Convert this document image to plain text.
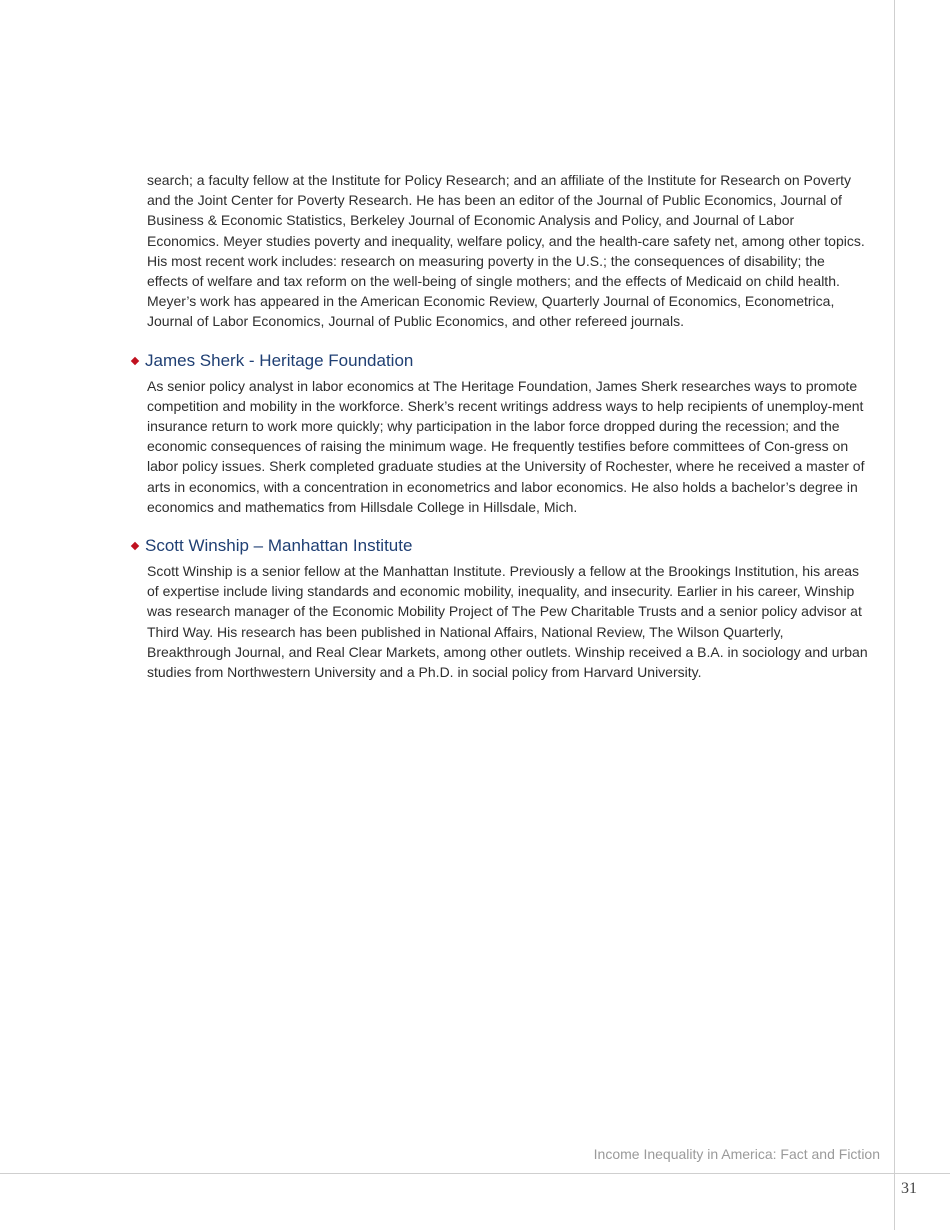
search; a faculty fellow at the Institute for Policy Research; and an affiliate of the Institute for Research on Poverty and the Joint Center for Poverty Research. He has been an editor of the Journal of Public Economics, Journal of Business & Economic Statistics, Berkeley Journal of Economic Analysis and Policy, and Journal of Labor Economics. Meyer studies poverty and inequality, welfare policy, and the health-care safety net, among other topics. His most recent work includes: research on measuring poverty in the U.S.; the consequences of disability; the effects of welfare and tax reform on the well-being of single mothers; and the effects of Medicaid on child health. Meyer’s work has appeared in the American Economic Review, Quarterly Journal of Economics, Econometrica, Journal of Labor Economics, Journal of Public Economics, and other refereed journals.

James Sherk - Heritage Foundation

As senior policy analyst in labor economics at The Heritage Foundation, James Sherk researches ways to promote competition and mobility in the workforce. Sherk’s recent writings address ways to help recipients of unemploy-ment insurance return to work more quickly; why participation in the labor force dropped during the recession; and the economic consequences of raising the minimum wage. He frequently testifies before committees of Con-gress on labor policy issues. Sherk completed graduate studies at the University of Rochester, where he received a master of arts in economics, with a concentration in econometrics and labor economics. He also holds a bachelor’s degree in economics and mathematics from Hillsdale College in Hillsdale, Mich.

Scott Winship – Manhattan Institute

Scott Winship is a senior fellow at the Manhattan Institute. Previously a fellow at the Brookings Institution, his areas of expertise include living standards and economic mobility, inequality, and insecurity. Earlier in his career, Winship was research manager of the Economic Mobility Project of The Pew Charitable Trusts and a senior policy advisor at Third Way. His research has been published in National Affairs, National Review, The Wilson Quarterly, Breakthrough Journal, and Real Clear Markets, among other outlets. Winship received a B.A. in sociology and urban studies from Northwestern University and a Ph.D. in social policy from Harvard University.

Income Inequality in America: Fact and Fiction
31
